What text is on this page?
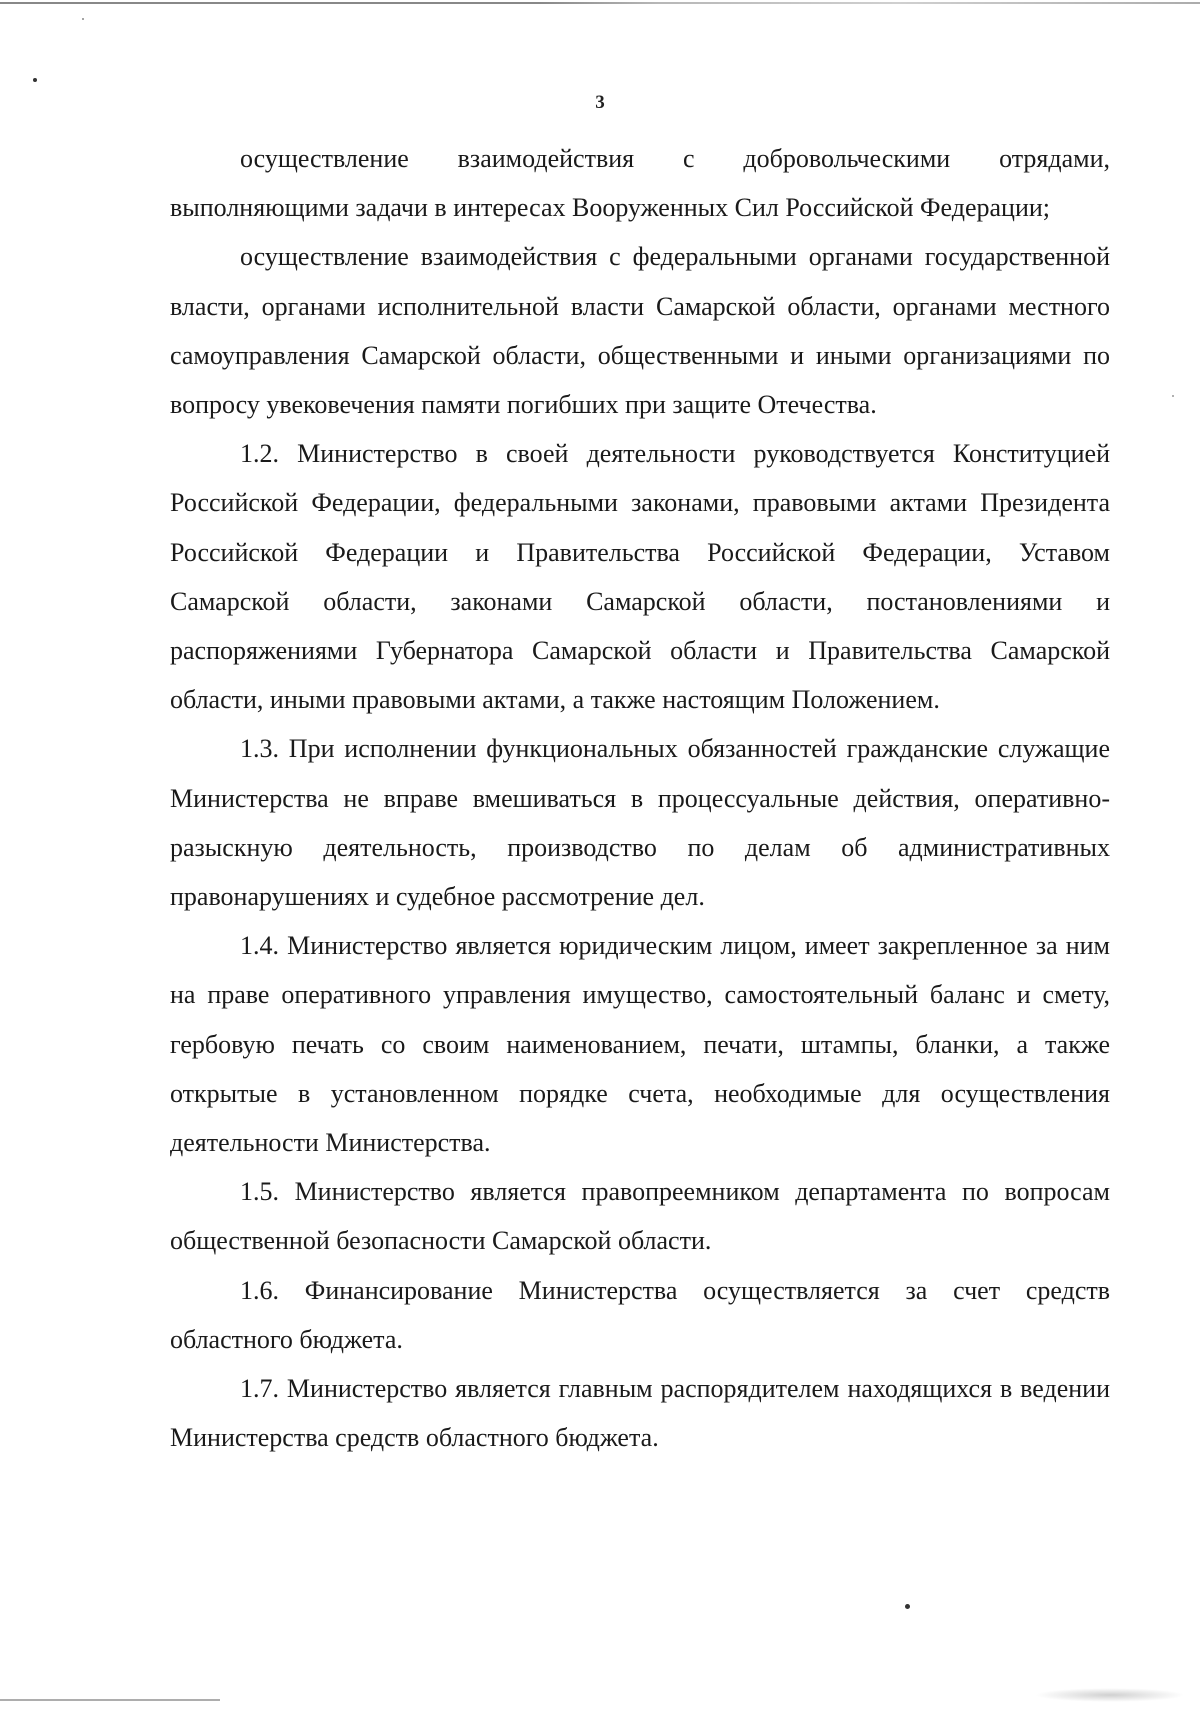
3

осуществление взаимодействия с добровольческими отрядами, выполняющими задачи в интересах Вооруженных Сил Российской Федерации;

осуществление взаимодействия с федеральными органами государственной власти, органами исполнительной власти Самарской области, органами местного самоуправления Самарской области, общественными и иными организациями по вопросу увековечения памяти погибших при защите Отечества.

1.2. Министерство в своей деятельности руководствуется Конституцией Российской Федерации, федеральными законами, правовыми актами Президента Российской Федерации и Правительства Российской Федерации, Уставом Самарской области, законами Самарской области, постановлениями и распоряжениями Губернатора Самарской области и Правительства Самарской области, иными правовыми актами, а также настоящим Положением.

1.3. При исполнении функциональных обязанностей гражданские служащие Министерства не вправе вмешиваться в процессуальные действия, оперативно-разыскную деятельность, производство по делам об административных правонарушениях и судебное рассмотрение дел.

1.4. Министерство является юридическим лицом, имеет закрепленное за ним на праве оперативного управления имущество, самостоятельный баланс и смету, гербовую печать со своим наименованием, печати, штампы, бланки, а также открытые в установленном порядке счета, необходимые для осуществления деятельности Министерства.

1.5. Министерство является правопреемником департамента по вопросам общественной безопасности Самарской области.

1.6. Финансирование Министерства осуществляется за счет средств областного бюджета.

1.7. Министерство является главным распорядителем находящихся в ведении Министерства средств областного бюджета.
